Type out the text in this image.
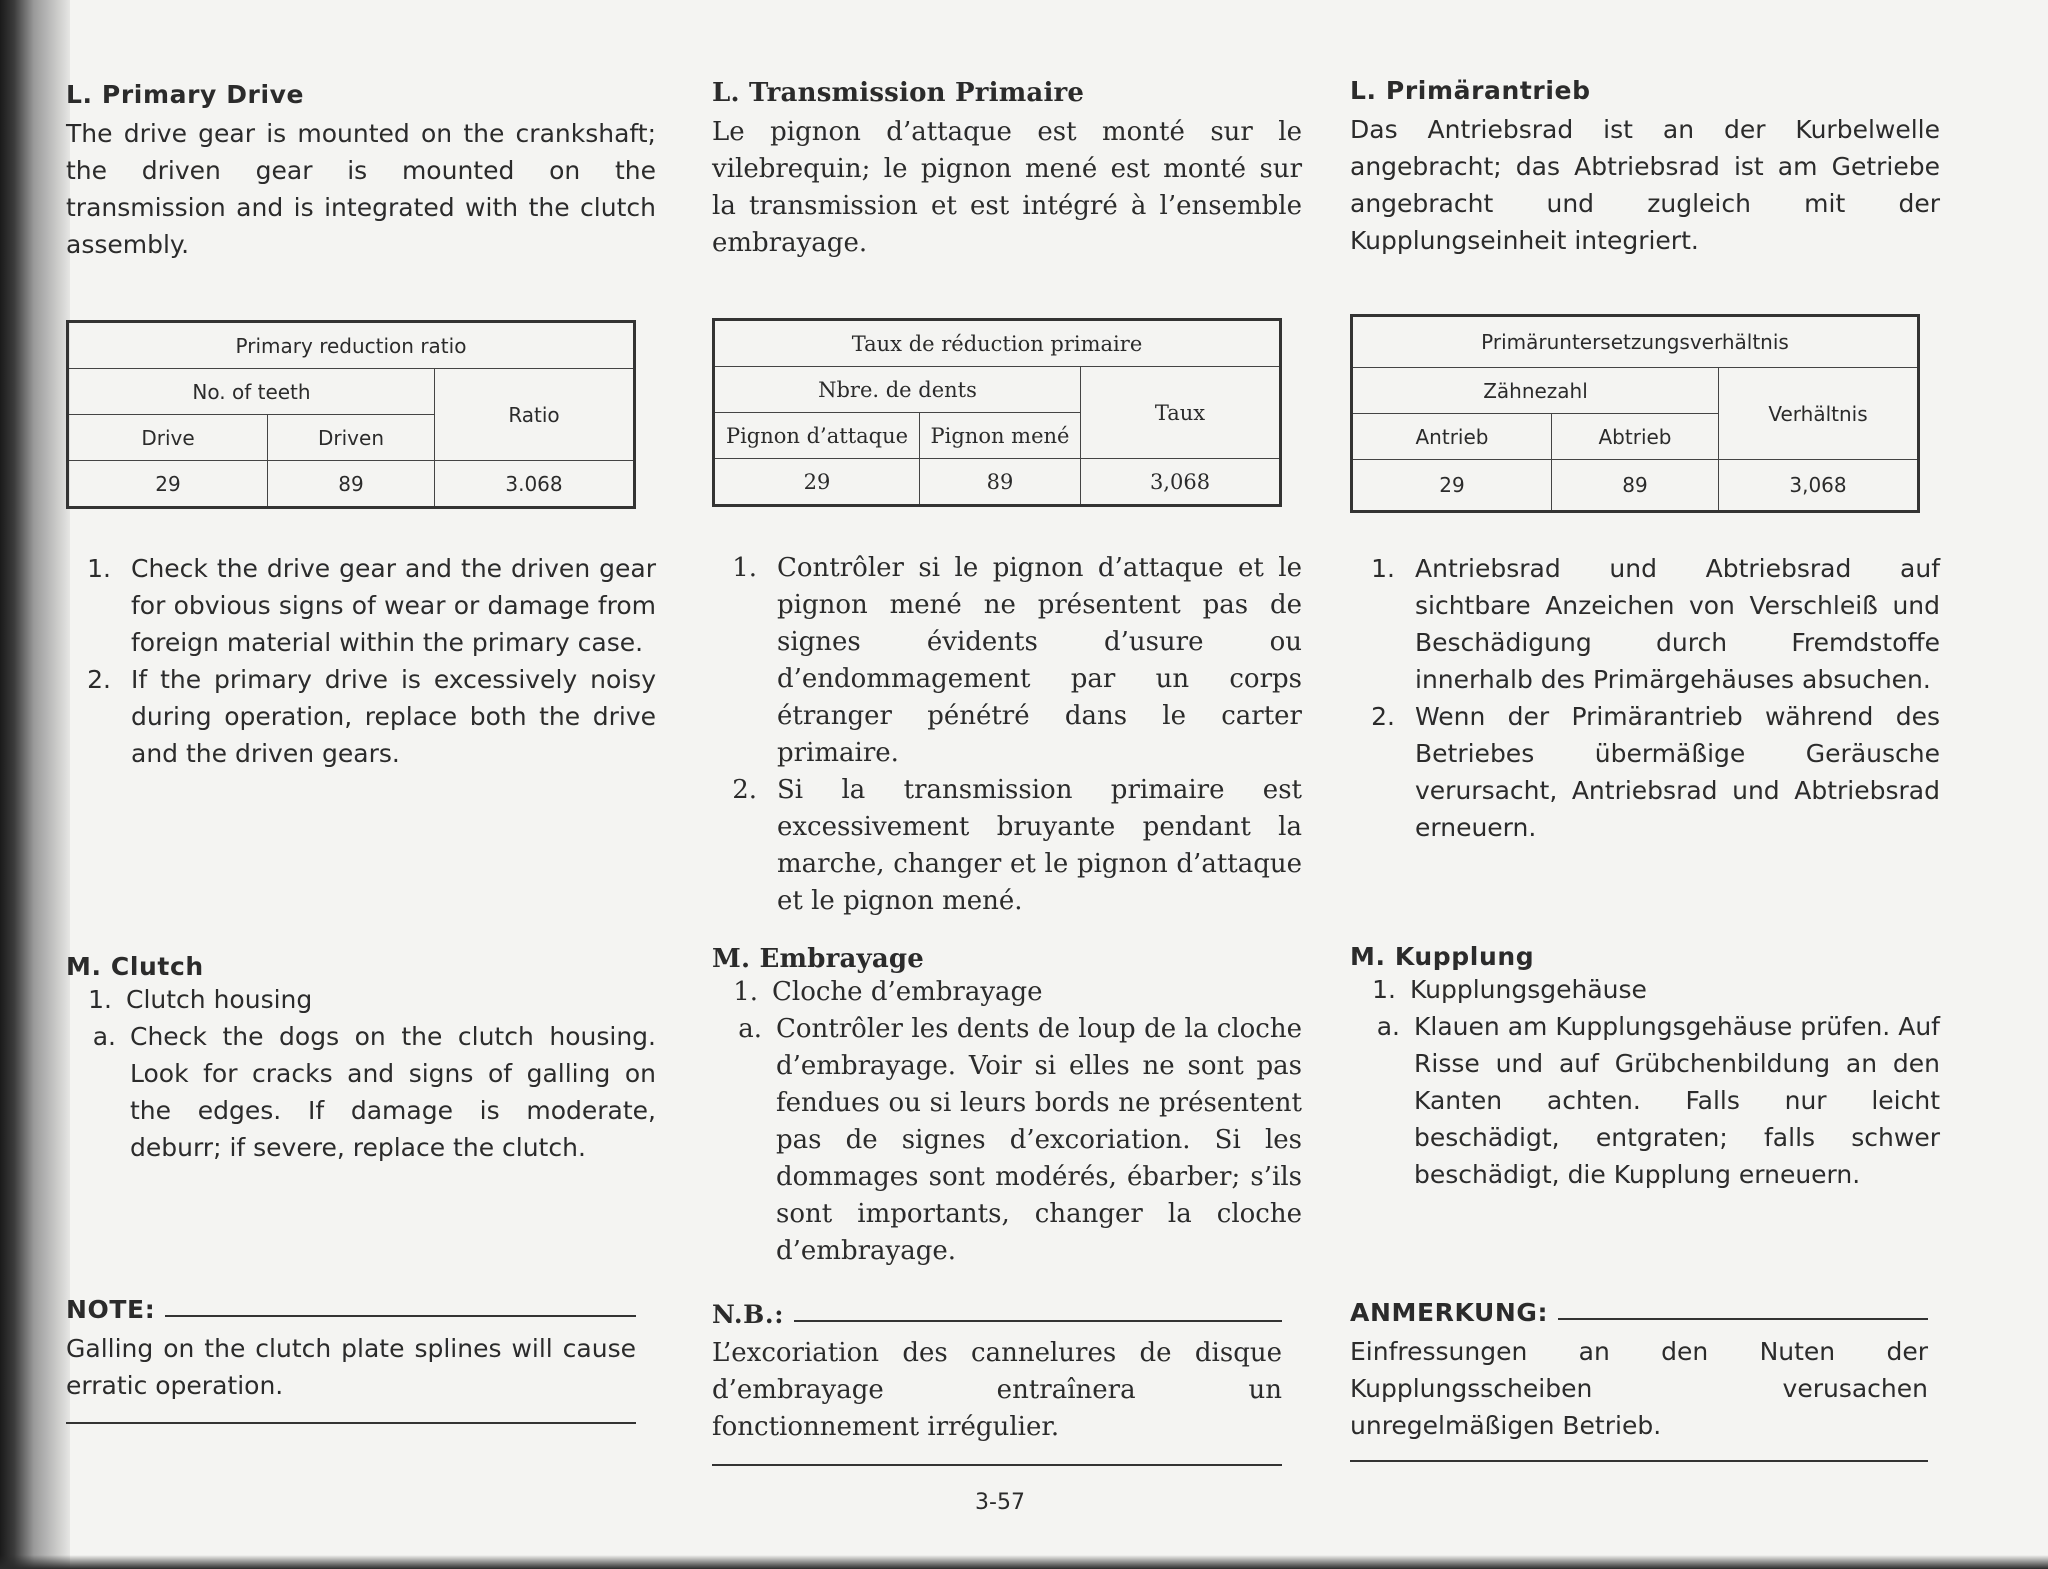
L. Primary Drive

The drive gear is mounted on the crankshaft; the driven gear is mounted on the transmission and is integrated with the clutch assembly.

Primary reduction ratio		
No. of teeth		Ratio
Drive	Driven	
29	89	3.068
1. Check the drive gear and the driven gear for obvious signs of wear or damage from foreign material within the primary case.
2. If the primary drive is excessively noisy during operation, replace both the drive and the driven gears.
M. Clutch
1. Clutch housing
a. Check the dogs on the clutch housing. Look for cracks and signs of galling on the edges. If damage is moderate, deburr; if severe, replace the clutch.
NOTE:

Galling on the clutch plate splines will cause erratic operation.

L. Transmission Primaire

Le pignon d’attaque est monté sur le vilebrequin; le pignon mené est monté sur la transmission et est intégré à l’ensemble embrayage.

Taux de réduction primaire		
Nbre. de dents		Taux
Pignon d’attaque	Pignon mené	
29	89	3,068
1. Contrôler si le pignon d’attaque et le pignon mené ne présentent pas de signes évidents d’usure ou d’endommagement par un corps étranger pénétré dans le carter primaire.
2. Si la transmission primaire est excessivement bruyante pendant la marche, changer et le pignon d’attaque et le pignon mené.
M. Embrayage
1. Cloche d’embrayage
a. Contrôler les dents de loup de la cloche d’embrayage. Voir si elles ne sont pas fendues ou si leurs bords ne présentent pas de signes d’excoriation. Si les dommages sont modérés, ébarber; s’ils sont importants, changer la cloche d’embrayage.
N.B.:

L’excoriation des cannelures de disque d’embrayage entraînera un fonctionnement irrégulier.

L. Primärantrieb

Das Antriebsrad ist an der Kurbelwelle angebracht; das Abtriebsrad ist am Getriebe angebracht und zugleich mit der Kupplungseinheit integriert.

Primäruntersetzungsverhältnis		
Zähnezahl		Verhältnis
Antrieb	Abtrieb	
29	89	3,068
1. Antriebsrad und Abtriebsrad auf sichtbare Anzeichen von Verschleiß und Beschädigung durch Fremdstoffe innerhalb des Primärgehäuses absuchen.
2. Wenn der Primärantrieb während des Betriebes übermäßige Geräusche verursacht, Antriebsrad und Abtriebsrad erneuern.
M. Kupplung
1. Kupplungsgehäuse
a. Klauen am Kupplungsgehäuse prüfen. Auf Risse und auf Grübchenbildung an den Kanten achten. Falls nur leicht beschädigt, entgraten; falls schwer beschädigt, die Kupplung erneuern.
ANMERKUNG:

Einfressungen an den Nuten der Kupplungsscheiben verusachen unregelmäßigen Betrieb.

3-57
